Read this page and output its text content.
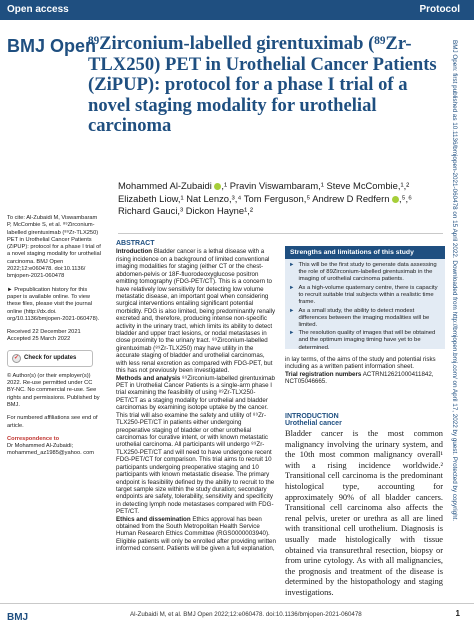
Open access	Protocol
BMJ Open
⁸⁹Zirconium-labelled girentuximab (⁸⁹Zr-TLX250) PET in Urothelial Cancer Patients (ZiPUP): protocol for a phase I trial of a novel staging modality for urothelial carcinoma
Mohammed Al-Zubaidi ,¹ Pravin Viswambaram,¹ Steve McCombie,¹,²
Elizabeth Liow,¹ Nat Lenzo,³,⁴ Tom Ferguson,⁵ Andrew D Redfern ,⁵,⁶
Richard Gauci,³ Dickon Hayne¹,²
To cite: Al-Zubaidi M, Viswambaram P, McCombie S, et al. ⁸⁹Zirconium-labelled girentuximab (⁸⁹Zr-TLX250) PET in Urothelial Cancer Patients (ZiPUP): protocol for a phase I trial of a novel staging modality for urothelial carcinoma. BMJ Open 2022;12:e060478. doi:10.1136/ bmjopen-2021-060478
► Prepublication history for this paper is available online. To view these files, please visit the journal online (http://dx.doi. org/10.1136/bmjopen-2021-060478).
Received 22 December 2021
Accepted 25 March 2022
✓ Check for updates
© Author(s) (or their employer(s)) 2022. Re-use permitted under CC BY-NC. No commercial re-use. See rights and permissions. Published by BMJ.
For numbered affiliations see end of article.
Correspondence to
Dr Mohammed Al-Zubaidi; mohammed_az1985@yahoo. com
ABSTRACT
Introduction Bladder cancer is a lethal disease with a rising incidence on a background of limited conventional imaging modalities for staging (either CT or the chest-abdomen-pelvis or 18F-fluorodeoxyglucose positron emitting tomography (FDG-PET/CT). This is a concern to have relatively low sensitivity for detecting low volume metastatic disease, an important goal when considering surgical interventions entailing significant potential morbidity. FDG is also limited, being predominantly renally excreted and, therefore, producing intense non-specific activity in the urinary tract, which limits its ability to detect bladder and upper tract lesions, or nodal metastases in close proximity to the urinary tract. ⁸⁹Zirconium-labelled girentuximab (⁸⁹Zr-TLX250) may have utility in the accurate staging of bladder and urothelial carcinomas, with less renal excretion as compared with FDG-PET, but this has not previously been investigated.
Methods and analysis ⁸⁹Zirconium-labelled girentuximab PET in Urothelial Cancer Patients is a single-arm phase I trial examining the feasibility of using ⁸⁹Zr-TLX250-PET/CT as a staging modality for urothelial and bladder carcinomas by examining isotope uptake by the cancer. This trial will also examine the safety and utility of ⁸⁹Zr-TLX250-PET/CT in patients either undergoing preoperative staging of bladder or other urothelial carcinomas for curative intent, or with known metastatic urothelial carcinoma. All participants will undergo ⁸⁹Zr-TLX250-PET/CT and will need to have undergone recent FDG-PET/CT for comparison. This trial aims to recruit 10 participants undergoing preoperative staging and 10 participants with known metastatic disease. The primary endpoint is feasibility defined by the ability to recruit to the target sample size within the study duration; secondary endpoints are safety, tolerability, sensitivity and specificity in detecting lymph node metastases compared with FDG-PET/CT.
Ethics and dissemination Ethics approval has been obtained from the South Metropolitan Health Service Human Research Ethics Committee (RGS0000003940). Eligible patients will only be enrolled after providing written informed consent. Patients will be given a full explanation,
Strengths and limitations of this study
► This will be the first study to generate data assessing the role of 89Zirconium-labelled girentuximab in the imaging of urothelial carcinoma patients.
► As a high-volume quaternary centre, there is capacity to recruit suitable trial subjects within a realistic time frame.
► As a small study, the ability to detect modest differences between the imaging modalities will be limited.
► The resolution quality of images that will be obtained and the optimum imaging timing have yet to be determined.
in lay terms, of the aims of the study and potential risks including as a written patient information sheet.
Trial registration numbers ACTRN12621000411842, NCT05046665.
INTRODUCTION
Urothelial cancer
Bladder cancer is the most common malignancy involving the urinary system, and the 10th most common malignancy overall¹ with a rising incidence worldwide.² Transitional cell carcinoma is the predominant histological type, accounting for approximately 90% of all bladder cancers. Transitional cell carcinoma also affects the renal pelvis, ureter or urethra as all are lined with transitional cell urothelium. Diagnosis is usually made histologically with tissue obtained via transurethral resection, biopsy or from urine cytology. As with all malignancies, the prognosis and treatment of the disease is determined by the histopathology and staging investigations.
BMJ	Al-Zubaidi M, et al. BMJ Open 2022;12:e060478. doi:10.1136/bmjopen-2021-060478	1
BMJ Open: first published as 10.1136/bmjopen-2021-060478 on 15 April 2022. Downloaded from http://bmjopen.bmj.com/ on April 17, 2022 by guest. Protected by copyright.
